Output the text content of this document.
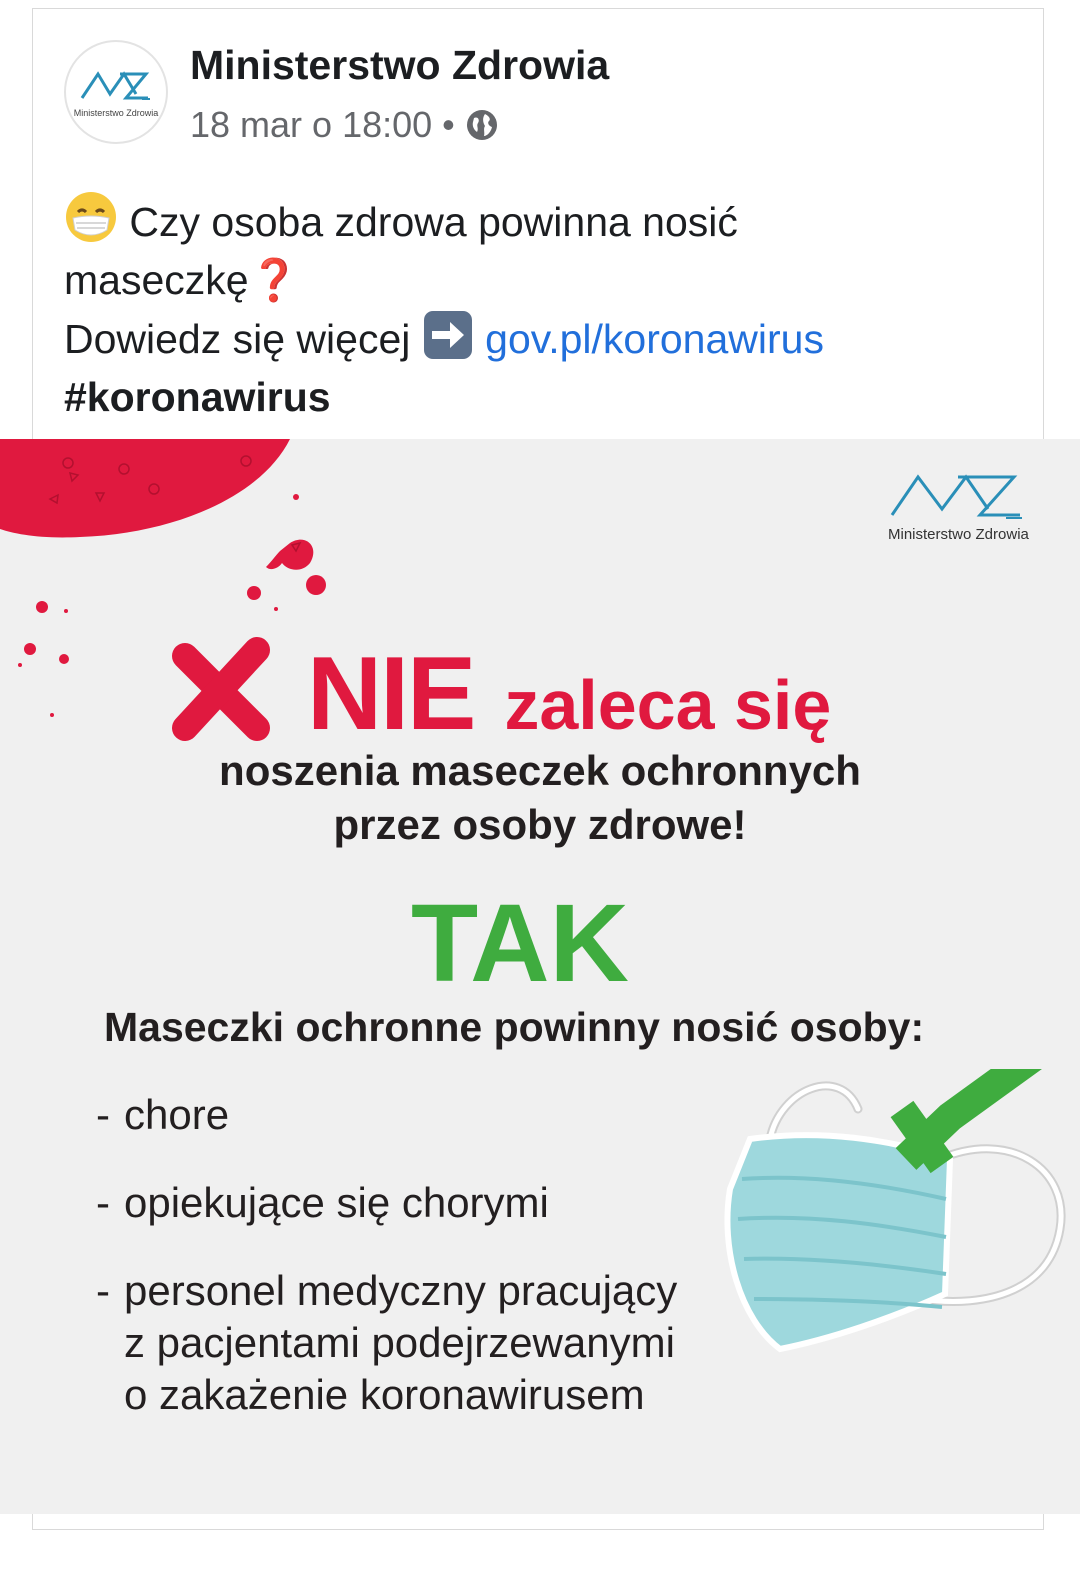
Ministerstwo Zdrowia
Ministerstwo Zdrowia
18 mar o 18:00 •
Czy osoba zdrowa powinna nosić
maseczkę❓
Dowiedz się więcej gov.pl/koronawirus
#koronawirus
Ministerstwo Zdrowia
NIE zaleca się
noszenia maseczek ochronnych
przez osoby zdrowe!
TAK
Maseczki ochronne powinny nosić osoby:
- chore
- opiekujące się chorymi
- personel medyczny pracujący
z pacjentami podejrzewanymi
o zakażenie koronawirusem
